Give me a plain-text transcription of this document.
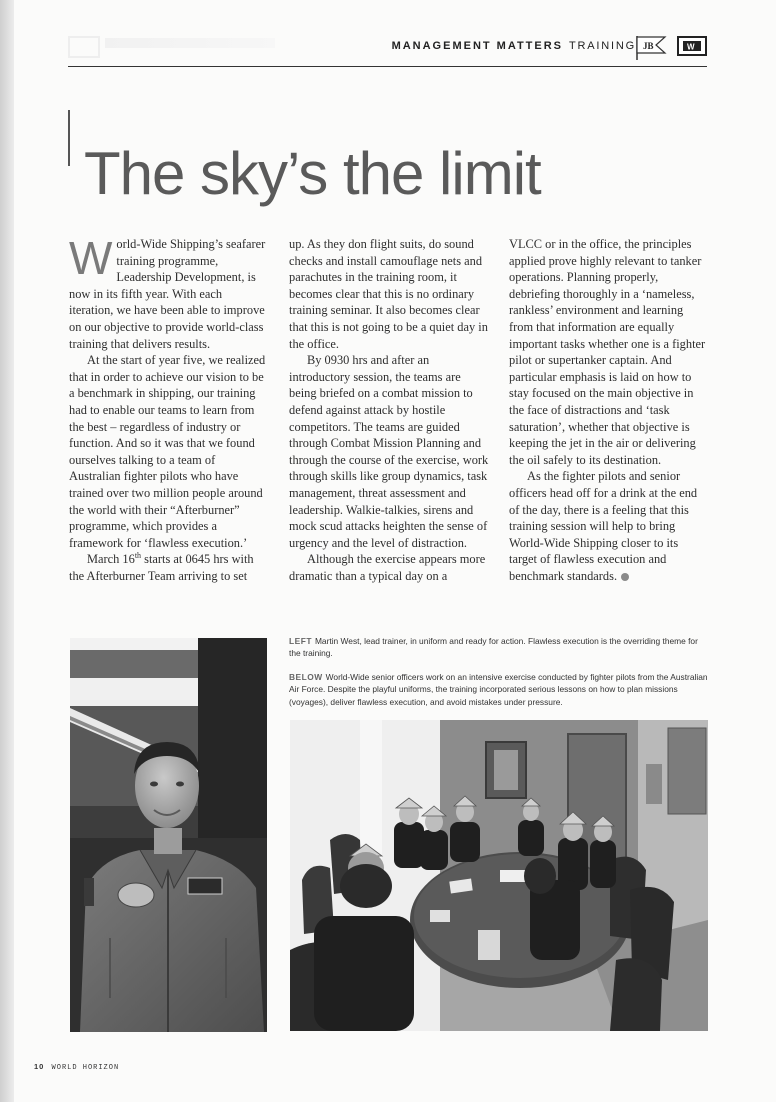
MANAGEMENT MATTERS TRAINING JB	W
The sky’s the limit

World-Wide Shipping’s seafarer training programme, Leadership Development, is now in its fifth year. With each iteration, we have been able to improve on our objective to provide world-class training that delivers results.

At the start of year five, we realized that in order to achieve our vision to be a benchmark in shipping, our training had to enable our teams to learn from the best – regardless of industry or function. And so it was that we found ourselves talking to a team of Australian fighter pilots who have trained over two million people around the world with their “Afterburner” programme, which provides a framework for ‘flawless execution.’

March 16th starts at 0645 hrs with the Afterburner Team arriving to set

up. As they don flight suits, do sound checks and install camouflage nets and parachutes in the training room, it becomes clear that this is no ordinary training seminar. It also becomes clear that this is not going to be a quiet day in the office.

By 0930 hrs and after an introductory session, the teams are being briefed on a combat mission to defend against attack by hostile competitors. The teams are guided through Combat Mission Planning and through the course of the exercise, work through skills like group dynamics, task management, threat assessment and leadership. Walkie-talkies, sirens and mock scud attacks heighten the sense of urgency and the level of distraction.

Although the exercise appears more dramatic than a typical day on a

VLCC or in the office, the principles applied prove highly relevant to tanker operations. Planning properly, debriefing thoroughly in a ‘nameless, rankless’ environment and learning from that information are equally important tasks whether one is a fighter pilot or supertanker captain. And particular emphasis is laid on how to stay focused on the main objective in the face of distractions and ‘task saturation’, whether that objective is keeping the jet in the air or delivering the oil safely to its destination.

As the fighter pilots and senior officers head off for a drink at the end of the day, there is a feeling that this training session will help to bring World-Wide Shipping closer to its target of flawless execution and benchmark standards.

LEFT Martin West, lead trainer, in uniform and ready for action. Flawless execution is the overriding theme for the training.
BELOW World-Wide senior officers work on an intensive exercise conducted by fighter pilots from the Australian Air Force. Despite the playful uniforms, the training incorporated serious lessons on how to plan missions (voyages), deliver flawless execution, and avoid mistakes under pressure.
10 WORLD HORIZON
